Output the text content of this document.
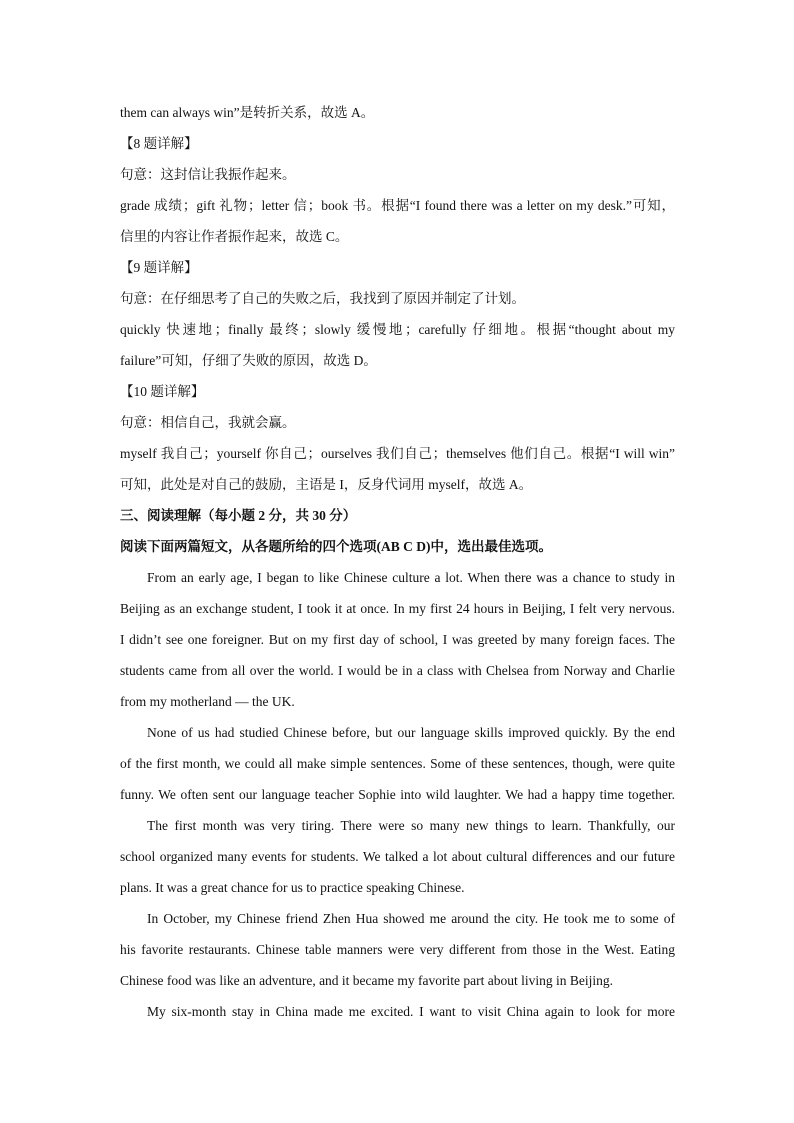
them can always win”是转折关系，故选 A。
【8 题详解】
句意：这封信让我振作起来。
grade 成绩；gift 礼物；letter 信；book 书。根据“I found there was a letter on my desk.”可知，
信里的内容让作者振作起来，故选 C。
【9 题详解】
句意：在仔细思考了自己的失败之后，我找到了原因并制定了计划。
quickly 快速地；finally 最终；slowly 缓慢地；carefully 仔细地。根据“thought about my
failure”可知，仔细了失败的原因，故选 D。
【10 题详解】
句意：相信自己，我就会赢。
myself 我自己；yourself 你自己；ourselves 我们自己；themselves 他们自己。根据“I will win”
可知，此处是对自己的鼓励，主语是 I，反身代词用 myself，故选 A。
三、阅读理解（每小题 2 分，共 30 分）
阅读下面两篇短文，从各题所给的四个选项(AB C D)中，选出最佳选项。
From an early age, I began to like Chinese culture a lot. When there was a chance to study in
Beijing as an exchange student, I took it at once. In my first 24 hours in Beijing, I felt very nervous.
I didn’t see one foreigner. But on my first day of school, I was greeted by many foreign faces. The
students came from all over the world. I would be in a class with Chelsea from Norway and Charlie
from my motherland — the UK.
None of us had studied Chinese before, but our language skills improved quickly. By the end
of the first month, we could all make simple sentences. Some of these sentences, though, were quite
funny. We often sent our language teacher Sophie into wild laughter. We had a happy time together.
The first month was very tiring. There were so many new things to learn. Thankfully, our
school organized many events for students. We talked a lot about cultural differences and our future
plans. It was a great chance for us to practice speaking Chinese.
In October, my Chinese friend Zhen Hua showed me around the city. He took me to some of
his favorite restaurants. Chinese table manners were very different from those in the West. Eating
Chinese food was like an adventure, and it became my favorite part about living in Beijing.
My six-month stay in China made me excited. I want to visit China again to look for more
